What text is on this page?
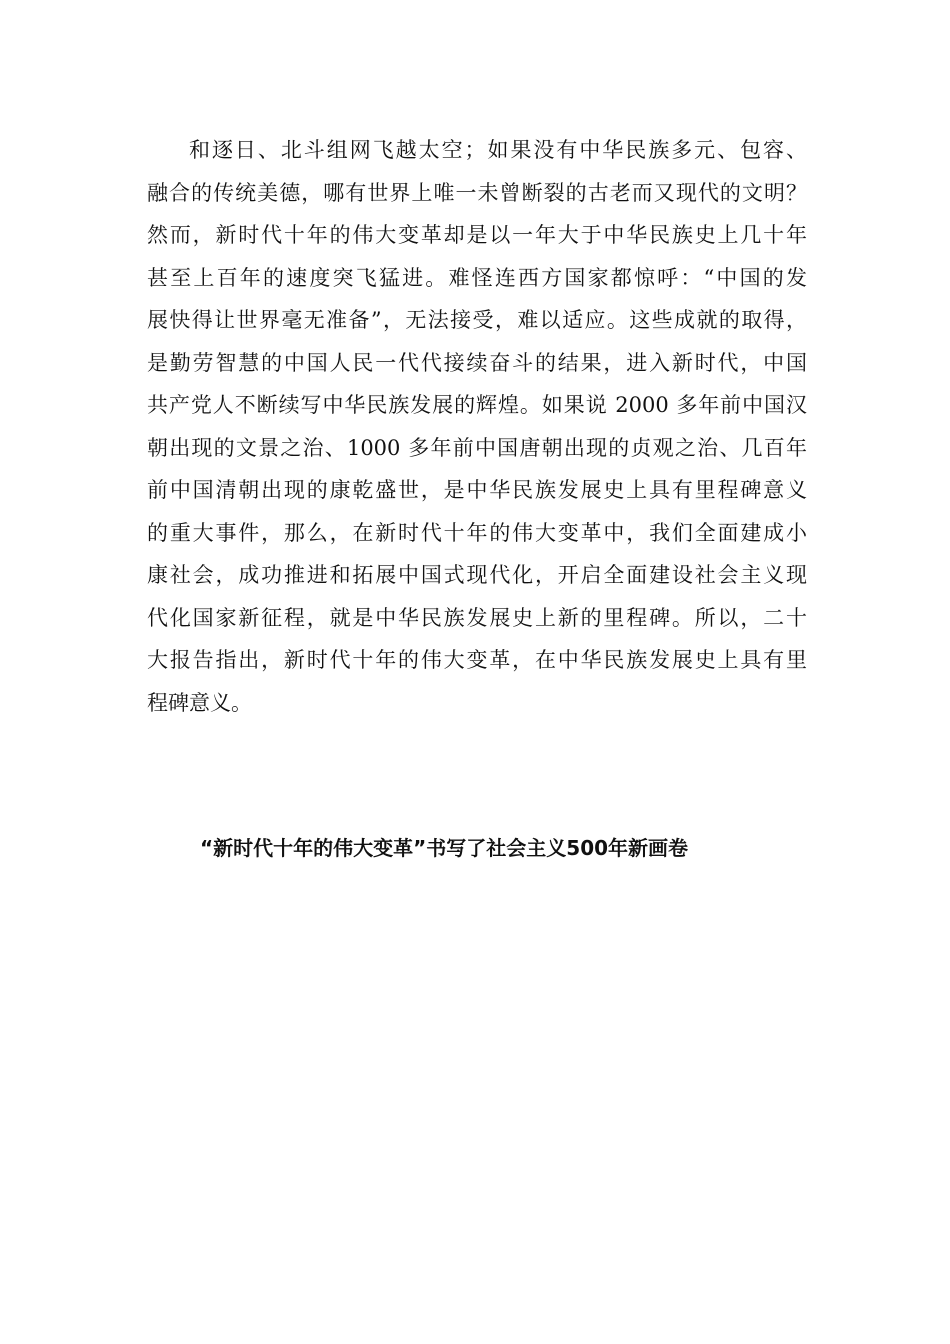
和逐日、北斗组网飞越太空；如果没有中华民族多元、包容、
融合的传统美德，哪有世界上唯一未曾断裂的古老而又现代的文明？
然而，新时代十年的伟大变革却是以一年大于中华民族史上几十年
甚至上百年的速度突飞猛进。难怪连西方国家都惊呼：“中国的发
展快得让世界毫无准备”，无法接受，难以适应。这些成就的取得，
是勤劳智慧的中国人民一代代接续奋斗的结果，进入新时代，中国
共产党人不断续写中华民族发展的辉煌。如果说 2000 多年前中国汉
朝出现的文景之治、1000 多年前中国唐朝出现的贞观之治、几百年
前中国清朝出现的康乾盛世，是中华民族发展史上具有里程碑意义
的重大事件，那么，在新时代十年的伟大变革中，我们全面建成小
康社会，成功推进和拓展中国式现代化，开启全面建设社会主义现
代化国家新征程，就是中华民族发展史上新的里程碑。所以，二十
大报告指出，新时代十年的伟大变革，在中华民族发展史上具有里
程碑意义。
“新时代十年的伟大变革”书写了社会主义500年新画卷
